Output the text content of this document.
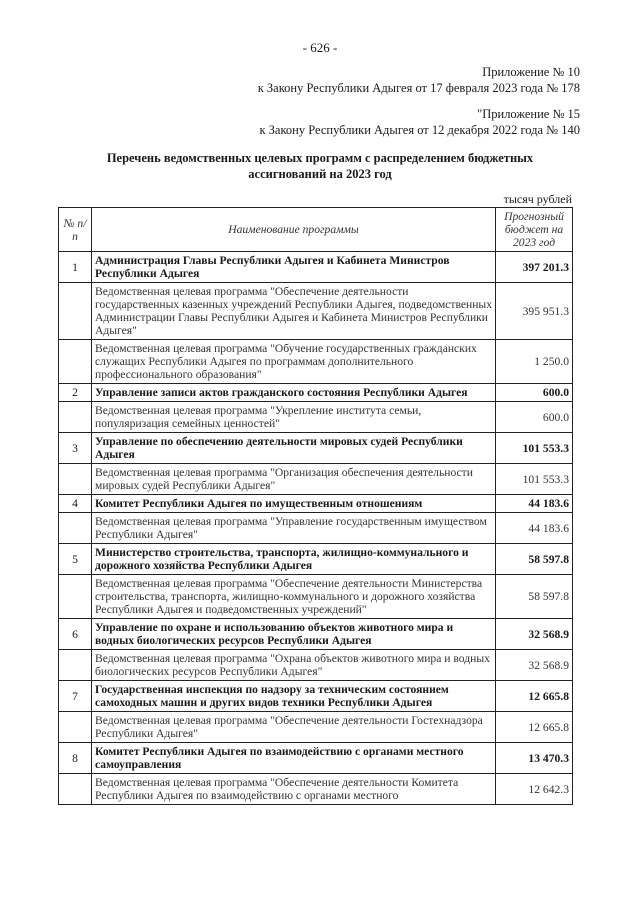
- 626 -
Приложение № 10
к Закону Республики Адыгея от 17 февраля 2023 года № 178
"Приложение № 15
к Закону Республики Адыгея от 12 декабря 2022 года № 140
Перечень ведомственных целевых программ с распределением бюджетных
ассигнований на 2023 год
тысяч рублей
№ п/п	Наименование программы	Прогнозный бюджет на 2023 год
1	Администрация Главы Республики Адыгея и Кабинета Министров Республики Адыгея	397 201.3
	Ведомственная целевая программа "Обеспечение деятельности государственных казенных учреждений Республики Адыгея, подведомственных Администрации Главы Республики Адыгея и Кабинета Министров Республики Адыгея"	395 951.3
	Ведомственная целевая программа "Обучение государственных гражданских служащих Республики Адыгея по программам дополнительного профессионального образования"	1 250.0
2	Управление записи актов гражданского состояния Республики Адыгея	600.0
	Ведомственная целевая программа "Укрепление института семьи, популяризация семейных ценностей"	600.0
3	Управление по обеспечению деятельности мировых судей Республики Адыгея	101 553.3
	Ведомственная целевая программа "Организация обеспечения деятельности мировых судей Республики Адыгея"	101 553.3
4	Комитет Республики Адыгея по имущественным отношениям	44 183.6
	Ведомственная целевая программа "Управление государственным имуществом Республики Адыгея"	44 183.6
5	Министерство строительства, транспорта, жилищно-коммунального и дорожного хозяйства Республики Адыгея	58 597.8
	Ведомственная целевая программа "Обеспечение деятельности Министерства строительства, транспорта, жилищно-коммунального и дорожного хозяйства Республики Адыгея и подведомственных учреждений"	58 597.8
6	Управление по охране и использованию объектов животного мира и водных биологических ресурсов Республики Адыгея	32 568.9
	Ведомственная целевая программа "Охрана объектов животного мира и водных биологических ресурсов Республики Адыгея"	32 568.9
7	Государственная инспекция по надзору за техническим состоянием самоходных машин и других видов техники Республики Адыгея	12 665.8
	Ведомственная целевая программа "Обеспечение деятельности Гостехнадзора Республики Адыгея"	12 665.8
8	Комитет Республики Адыгея по взаимодействию с органами местного самоуправления	13 470.3
	Ведомственная целевая программа "Обеспечение деятельности Комитета Республики Адыгея по взаимодействию с органами местного	12 642.3
